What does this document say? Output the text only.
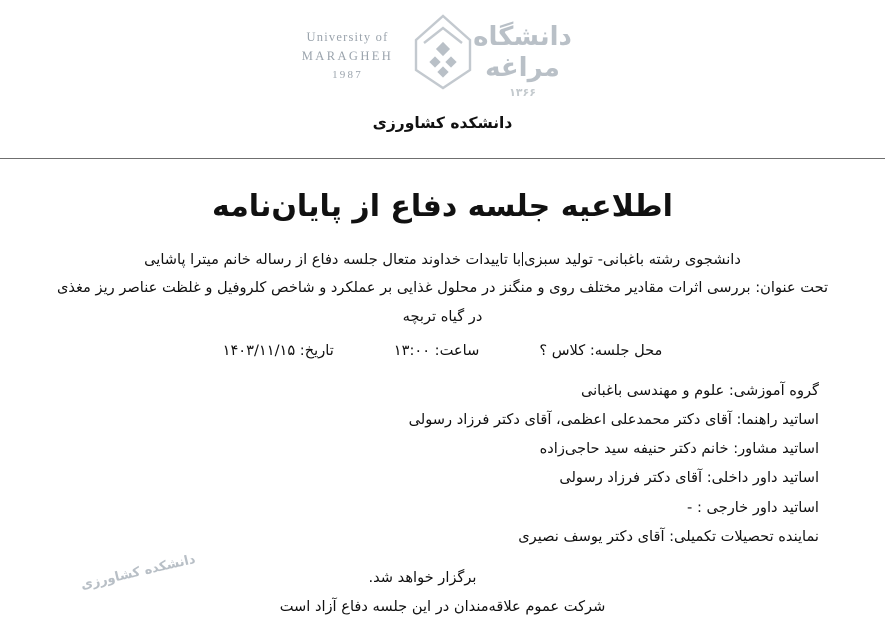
University of
MARAGHEH
1987
دانشگاه مراغه
۱۳۶۶
دانشکده کشاورزی
اطلاعیه جلسه دفاع از پایان‌نامه
دانشجوی رشته باغبانی- تولید سبزیبا تاییدات خداوند متعال جلسه دفاع از رساله خانم میترا پاشایی
تحت عنوان: بررسی اثرات مقادیر مختلف روی و منگنز در محلول غذایی بر عملکرد و شاخص کلروفیل و غلظت عناصر ریز مغذی در گیاه تربچه
محل جلسه: کلاس ؟
ساعت: ۱۳:۰۰
تاریخ: ۱۴۰۳/۱۱/۱۵
گروه آموزشی: علوم و مهندسی باغبانی
اساتید راهنما: آقای دکتر محمدعلی اعظمی، آقای دکتر فرزاد رسولی
اساتید مشاور: خانم دکتر حنیفه سید حاجی‌زاده
اساتید داور داخلی: آقای دکتر فرزاد رسولی
اساتید داور خارجی : -
نماینده تحصیلات تکمیلی: آقای دکتر یوسف نصیری
برگزار خواهد شد.
شرکت عموم علاقه‌مندان در این جلسه دفاع آزاد است
دانشکده کشاورزی
